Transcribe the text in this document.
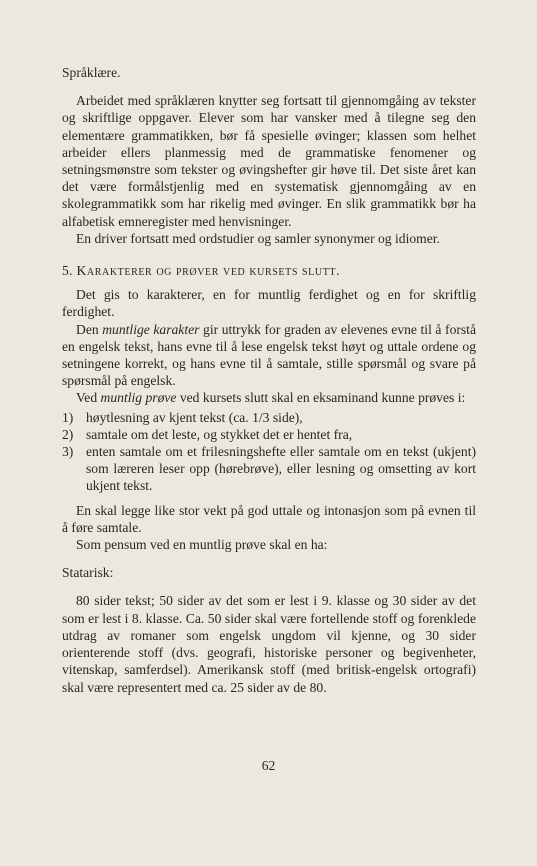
Språklære.

Arbeidet med språklæren knytter seg fortsatt til gjennomgåing av tekster og skriftlige oppgaver. Elever som har vansker med å tilegne seg den elementære grammatikken, bør få spesielle øvinger; klassen som helhet arbeider ellers planmessig med de grammatiske fenomener og setningsmønstre som tekster og øvingshefter gir høve til. Det siste året kan det være formålstjenlig med en systematisk gjennomgåing av en skolegrammatikk som har rikelig med øvinger. En slik grammatikk bør ha alfabetisk emneregister med henvisninger.

En driver fortsatt med ordstudier og samler synonymer og idiomer.

5. Karakterer og prøver ved kursets slutt.

Det gis to karakterer, en for muntlig ferdighet og en for skriftlig ferdighet.

Den muntlige karakter gir uttrykk for graden av elevenes evne til å forstå en engelsk tekst, hans evne til å lese engelsk tekst høyt og uttale ordene og setningene korrekt, og hans evne til å samtale, stille spørsmål og svare på spørsmål på engelsk.

Ved muntlig prøve ved kursets slutt skal en eksaminand kunne prøves i:

1) høytlesning av kjent tekst (ca. 1/3 side),
2) samtale om det leste, og stykket det er hentet fra,
3) enten samtale om et frilesningshefte eller samtale om en tekst (ukjent) som læreren leser opp (hørebrøve), eller lesning og omsetting av kort ukjent tekst.

En skal legge like stor vekt på god uttale og intonasjon som på evnen til å føre samtale.

Som pensum ved en muntlig prøve skal en ha:

Statarisk:

80 sider tekst; 50 sider av det som er lest i 9. klasse og 30 sider av det som er lest i 8. klasse. Ca. 50 sider skal være fortellende stoff og forenklede utdrag av romaner som engelsk ungdom vil kjenne, og 30 sider orienterende stoff (dvs. geografi, historiske personer og begivenheter, vitenskap, samferdsel). Amerikansk stoff (med britisk-engelsk ortografi) skal være representert med ca. 25 sider av de 80.

62
